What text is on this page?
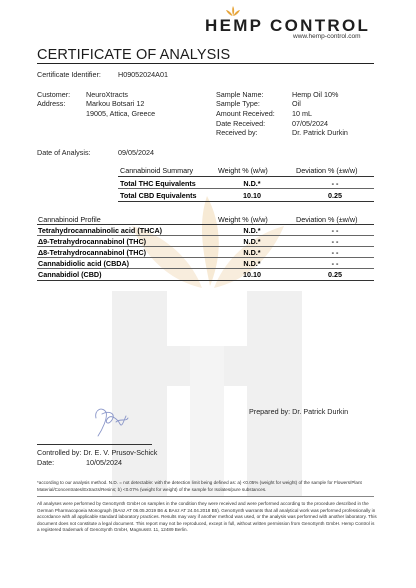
HEMP CONTROL
www.hemp-control.com
CERTIFICATE OF ANALYSIS
Certificate Identifier: H09052024A01
Customer: NeuroXtracts
Address:	Markou Botsari 12
19005, Attica, Greece
Sample Name:	Hemp Oil 10%
Sample Type:	Oil
Amount Received: 10 mL
Date Received:	07/05/2024
Received by:	Dr. Patrick Durkin
Date of Analysis:	09/05/2024
Cannabinoid Summary	Weight % (w/w)	Deviation % (±w/w)
Total THC Equivalents	N.D.*	- -
Total CBD Equivalents	10.10	0.25
Cannabinoid Profile	Weight % (w/w)	Deviation % (±w/w)
Tetrahydrocannabinolic acid (THCA)	N.D.*	- -
Δ9-Tetrahydrocannabinol (THC)	N.D.*	- -
Δ8-Tetrahydrocannabinol (THC)	N.D.*	- -
Cannabidiolic acid (CBDA)	N.D.*	- -
Cannabidiol (CBD)	10.10	0.25
Prepared by: Dr. Patrick Durkin
Controlled by: Dr. E. V. Prusov-Schick
Date:	10/05/2024
*according to our analysis method. N.D. = not detectable: with the detection limit being defined as: a) <0.05% (weight for weight) of the sample for Flowers/Plant Material/Concentrates/Extracts/Resins; b) <0.07% (weight for weight) of the sample for Isolates/pure substances.
All analyses were performed by GenoSynth GmbH on samples in the condition they were received and were performed according to the procedure described in the German Pharmacopoeia Monograph (BAnz AT 06.05.2019 B6 & BAnz AT 24.04.2018 B5). GenoSynth warrants that all analytical work was performed professionally in accordance with all applicable standard laboratory practices. Results may vary if another method was used, or the analysis was performed with another laboratory. This document does not constitute a legal document. This report may not be reproduced, except in full, without written permission from GenoSynth GmbH. Hemp Control is a registered trademark of GenoSynth GmbH, Magnusstr. 11, 12489 Berlin.
